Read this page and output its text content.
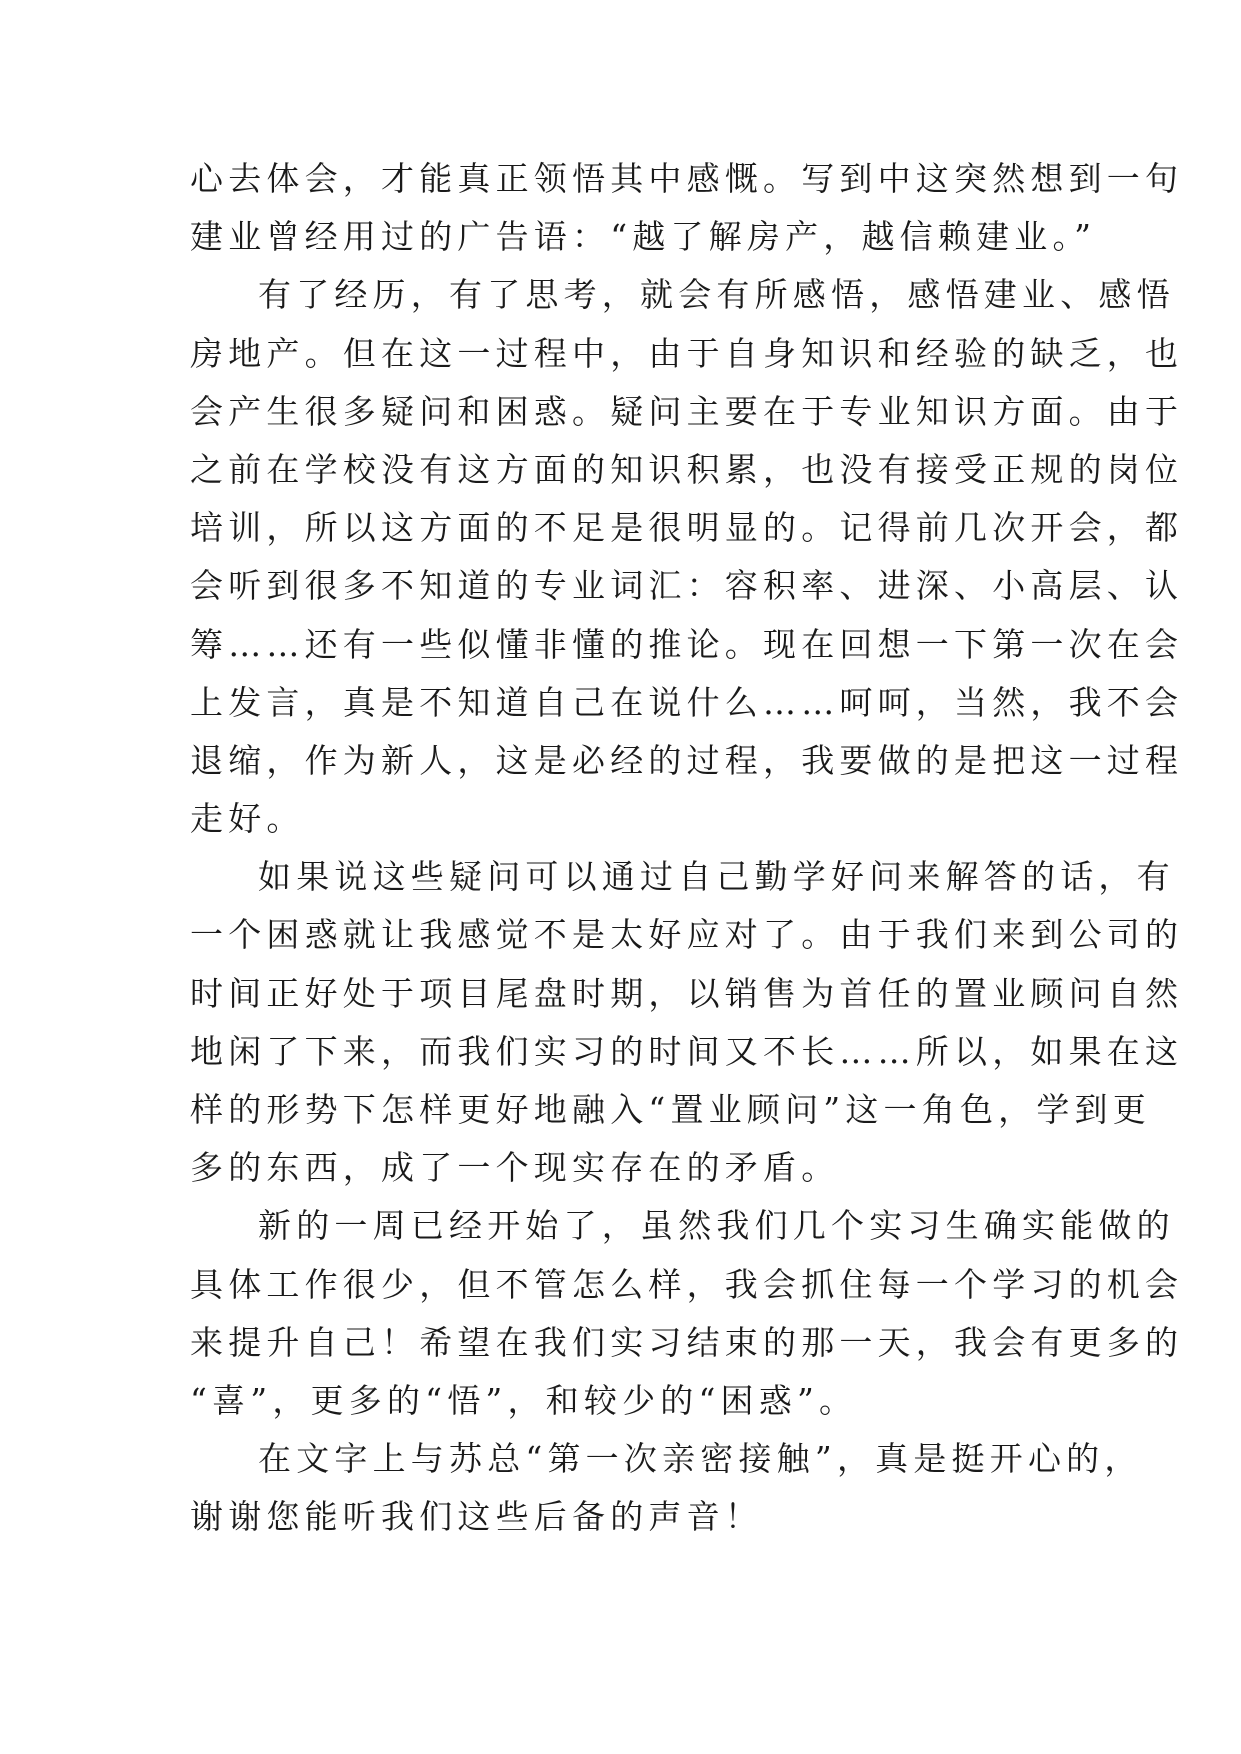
心去体会，才能真正领悟其中感慨。写到中这突然想到一句
建业曾经用过的广告语：“越了解房产，越信赖建业。”
有了经历，有了思考，就会有所感悟，感悟建业、感悟
房地产。但在这一过程中，由于自身知识和经验的缺乏，也
会产生很多疑问和困惑。疑问主要在于专业知识方面。由于
之前在学校没有这方面的知识积累，也没有接受正规的岗位
培训，所以这方面的不足是很明显的。记得前几次开会，都
会听到很多不知道的专业词汇：容积率、进深、小高层、认
筹……还有一些似懂非懂的推论。现在回想一下第一次在会
上发言，真是不知道自己在说什么……呵呵，当然，我不会
退缩，作为新人，这是必经的过程，我要做的是把这一过程
走好。
如果说这些疑问可以通过自己勤学好问来解答的话，有
一个困惑就让我感觉不是太好应对了。由于我们来到公司的
时间正好处于项目尾盘时期，以销售为首任的置业顾问自然
地闲了下来，而我们实习的时间又不长……所以，如果在这
样的形势下怎样更好地融入“置业顾问”这一角色，学到更
多的东西，成了一个现实存在的矛盾。
新的一周已经开始了，虽然我们几个实习生确实能做的
具体工作很少，但不管怎么样，我会抓住每一个学习的机会
来提升自己！希望在我们实习结束的那一天，我会有更多的
“喜”，更多的“悟”，和较少的“困惑”。
在文字上与苏总“第一次亲密接触”，真是挺开心的，
谢谢您能听我们这些后备的声音！
